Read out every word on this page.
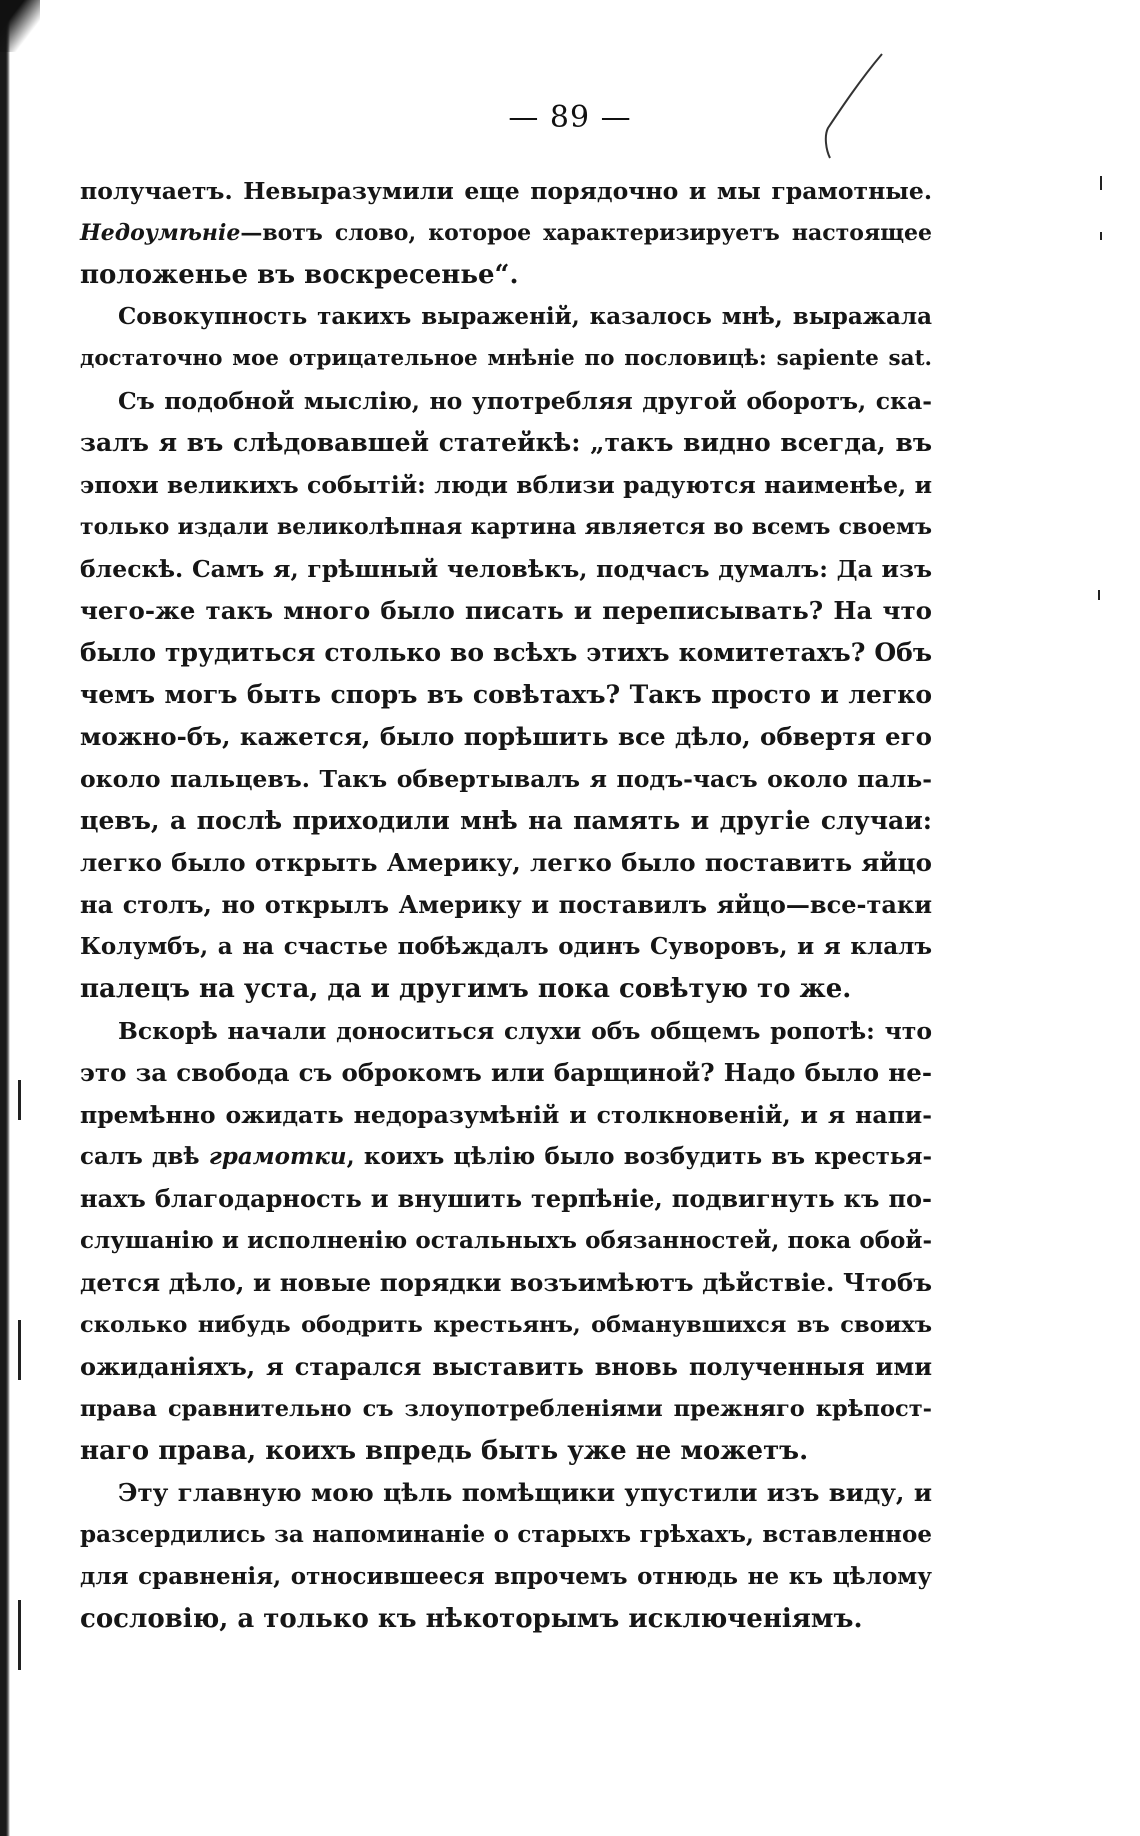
— 89 —
получаетъ. Невыразумили еще порядочно и мы грамотные.
Недоумѣніе—вотъ слово, которое характеризируетъ настоящее
положенье въ воскресенье“.
Совокупность такихъ выраженій, казалось мнѣ, выражала
достаточно мое отрицательное мнѣніе по пословицѣ: sapiente sat.
Съ подобной мыслію, но употребляя другой оборотъ, ска-
залъ я въ слѣдовавшей статейкѣ: „такъ видно всегда, въ
эпохи великихъ событій: люди вблизи радуются наименѣе, и
только издали великолѣпная картина является во всемъ своемъ
блескѣ. Самъ я, грѣшный человѣкъ, подчасъ думалъ: Да изъ
чего-же такъ много было писать и переписывать? На что
было трудиться столько во всѣхъ этихъ комитетахъ? Объ
чемъ могъ быть споръ въ совѣтахъ? Такъ просто и легко
можно-бъ, кажется, было порѣшить все дѣло, обвертя его
около пальцевъ. Такъ обвертывалъ я подъ-часъ около паль-
цевъ, а послѣ приходили мнѣ на память и другіе случаи:
легко было открыть Америку, легко было поставить яйцо
на столъ, но открылъ Америку и поставилъ яйцо—все-таки
Колумбъ, а на счастье побѣждалъ одинъ Суворовъ, и я клалъ
палецъ на уста, да и другимъ пока совѣтую то же.
Вскорѣ начали доноситься слухи объ общемъ ропотѣ: что
это за свобода съ оброкомъ или барщиной? Надо было не-
премѣнно ожидать недоразумѣній и столкновеній, и я напи-
салъ двѣ грамотки, коихъ цѣлію было возбудить въ крестья-
нахъ благодарность и внушить терпѣніе, подвигнуть къ по-
слушанію и исполненію остальныхъ обязанностей, пока обой-
дется дѣло, и новые порядки возъимѣютъ дѣйствіе. Чтобъ
сколько нибудь ободрить крестьянъ, обманувшихся въ своихъ
ожиданіяхъ, я старался выставить вновь полученныя ими
права сравнительно съ злоупотребленіями прежняго крѣпост-
наго права, коихъ впредь быть уже не можетъ.
Эту главную мою цѣль помѣщики упустили изъ виду, и
разсердились за напоминаніе о старыхъ грѣхахъ, вставленное
для сравненія, относившееся впрочемъ отнюдь не къ цѣлому
сословію, а только къ нѣкоторымъ исключеніямъ.
